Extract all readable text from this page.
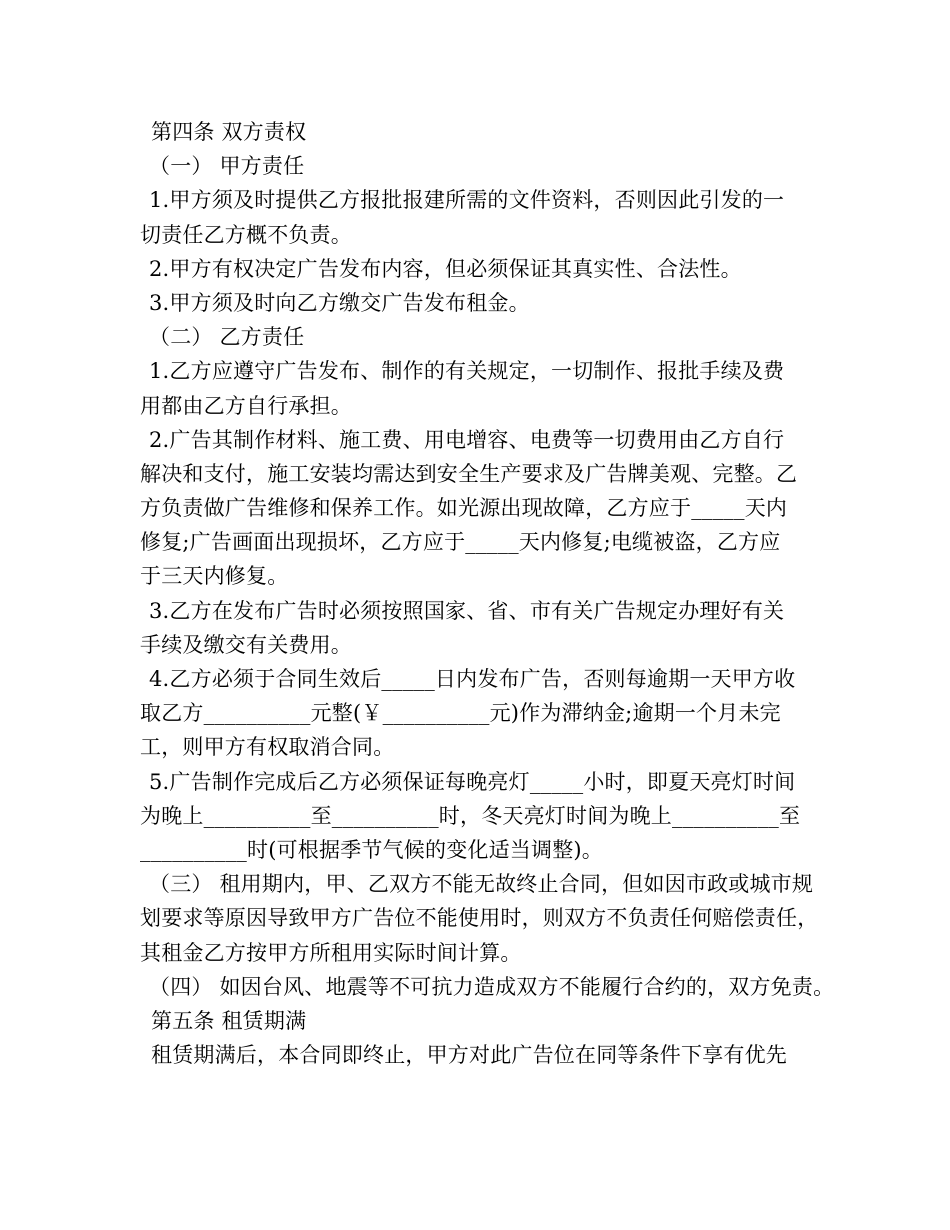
第四条 双方责权
（一） 甲方责任
1.甲方须及时提供乙方报批报建所需的文件资料，否则因此引发的一
切责任乙方概不负责。
2.甲方有权决定广告发布内容，但必须保证其真实性、合法性。
3.甲方须及时向乙方缴交广告发布租金。
（二） 乙方责任
1.乙方应遵守广告发布、制作的有关规定，一切制作、报批手续及费
用都由乙方自行承担。
2.广告其制作材料、施工费、用电增容、电费等一切费用由乙方自行
解决和支付，施工安装均需达到安全生产要求及广告牌美观、完整。乙
方负责做广告维修和保养工作。如光源出现故障，乙方应于_____天内
修复;广告画面出现损坏，乙方应于_____天内修复;电缆被盗，乙方应
于三天内修复。
3.乙方在发布广告时必须按照国家、省、市有关广告规定办理好有关
手续及缴交有关费用。
4.乙方必须于合同生效后_____日内发布广告，否则每逾期一天甲方收
取乙方__________元整(￥__________元)作为滞纳金;逾期一个月未完
工，则甲方有权取消合同。
5.广告制作完成后乙方必须保证每晚亮灯_____小时，即夏天亮灯时间
为晚上__________至__________时，冬天亮灯时间为晚上__________至
__________时(可根据季节气候的变化适当调整)。
（三） 租用期内，甲、乙双方不能无故终止合同，但如因市政或城市规
划要求等原因导致甲方广告位不能使用时，则双方不负责任何赔偿责任，
其租金乙方按甲方所租用实际时间计算。
（四） 如因台风、地震等不可抗力造成双方不能履行合约的，双方免责。
第五条 租赁期满
租赁期满后，本合同即终止，甲方对此广告位在同等条件下享有优先
